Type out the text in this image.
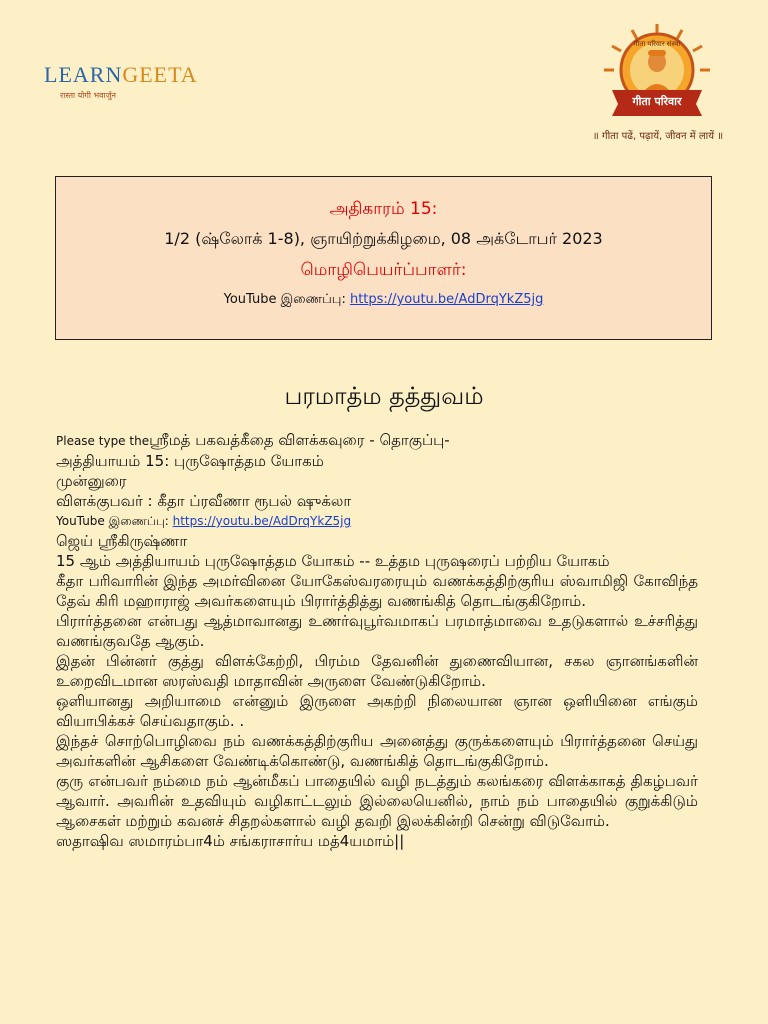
LEARNGEETA
रास्ता योगी भवार्जुन
गीता परिवार संस्था
गीता परिवार
॥ गीता पढें, पढ़ायें, जीवन में लायें ॥
அதிகாரம் 15:
1/2 (ஷ்லோக் 1-8), ஞாயிற்றுக்கிழமை, 08 அக்டோபர் 2023
மொழிபெயர்ப்பாளர்:
YouTube இணைப்பு: https://youtu.be/AdDrqYkZ5jg
பரமாத்ம தத்துவம்

Please type theஸ்ரீமத் பகவத்கீதை விளக்கவுரை - தொகுப்பு-

அத்தியாயம் 15: புருஷோத்தம யோகம்

முன்னுரை

விளக்குபவர் : கீதா ப்ரவீணா ரூபல் ஷுக்லா

YouTube இணைப்பு: https://youtu.be/AdDrqYkZ5jg

ஜெய் ஸ்ரீகிருஷ்ணா

15 ஆம் அத்தியாயம் புருஷோத்தம யோகம் -- உத்தம புருஷரைப் பற்றிய யோகம்

கீதா பரிவாரின் இந்த அமர்வினை யோகேஸ்வரரையும் வணக்கத்திற்குரிய ஸ்வாமிஜி கோவிந்த தேவ் கிரி மஹாராஜ் அவர்களையும் பிரார்த்தித்து வணங்கித் தொடங்குகிறோம்.

பிரார்த்தனை என்பது ஆத்மாவானது உணர்வுபூர்வமாகப் பரமாத்மாவை உதடுகளால் உச்சரித்து வணங்குவதே ஆகும்.

இதன் பின்னர் குத்து விளக்கேற்றி, பிரம்ம தேவனின் துணைவியான, சகல ஞானங்களின் உறைவிடமான ஸரஸ்வதி மாதாவின் அருளை வேண்டுகிறோம்.

ஒளியானது அறியாமை என்னும் இருளை அகற்றி நிலையான ஞான ஒளியினை எங்கும் வியாபிக்கச் செய்வதாகும். .

இந்தச் சொற்பொழிவை நம் வணக்கத்திற்குரிய அனைத்து குருக்களையும் பிரார்த்தனை செய்து அவர்களின் ஆசிகளை வேண்டிக்கொண்டு, வணங்கித் தொடங்குகிறோம்.

குரு என்பவர் நம்மை நம் ஆன்மீகப் பாதையில் வழி நடத்தும் கலங்கரை விளக்காகத் திகழ்பவர் ஆவார். அவரின் உதவியும் வழிகாட்டலும் இல்லையெனில், நாம் நம் பாதையில் குறுக்கிடும் ஆசைகள் மற்றும் கவனச் சிதறல்களால் வழி தவறி இலக்கின்றி சென்று விடுவோம்.

ஸதாஷிவ ஸமாரம்பா4ம் சங்கராசார்ய மத்4யமாம்||
